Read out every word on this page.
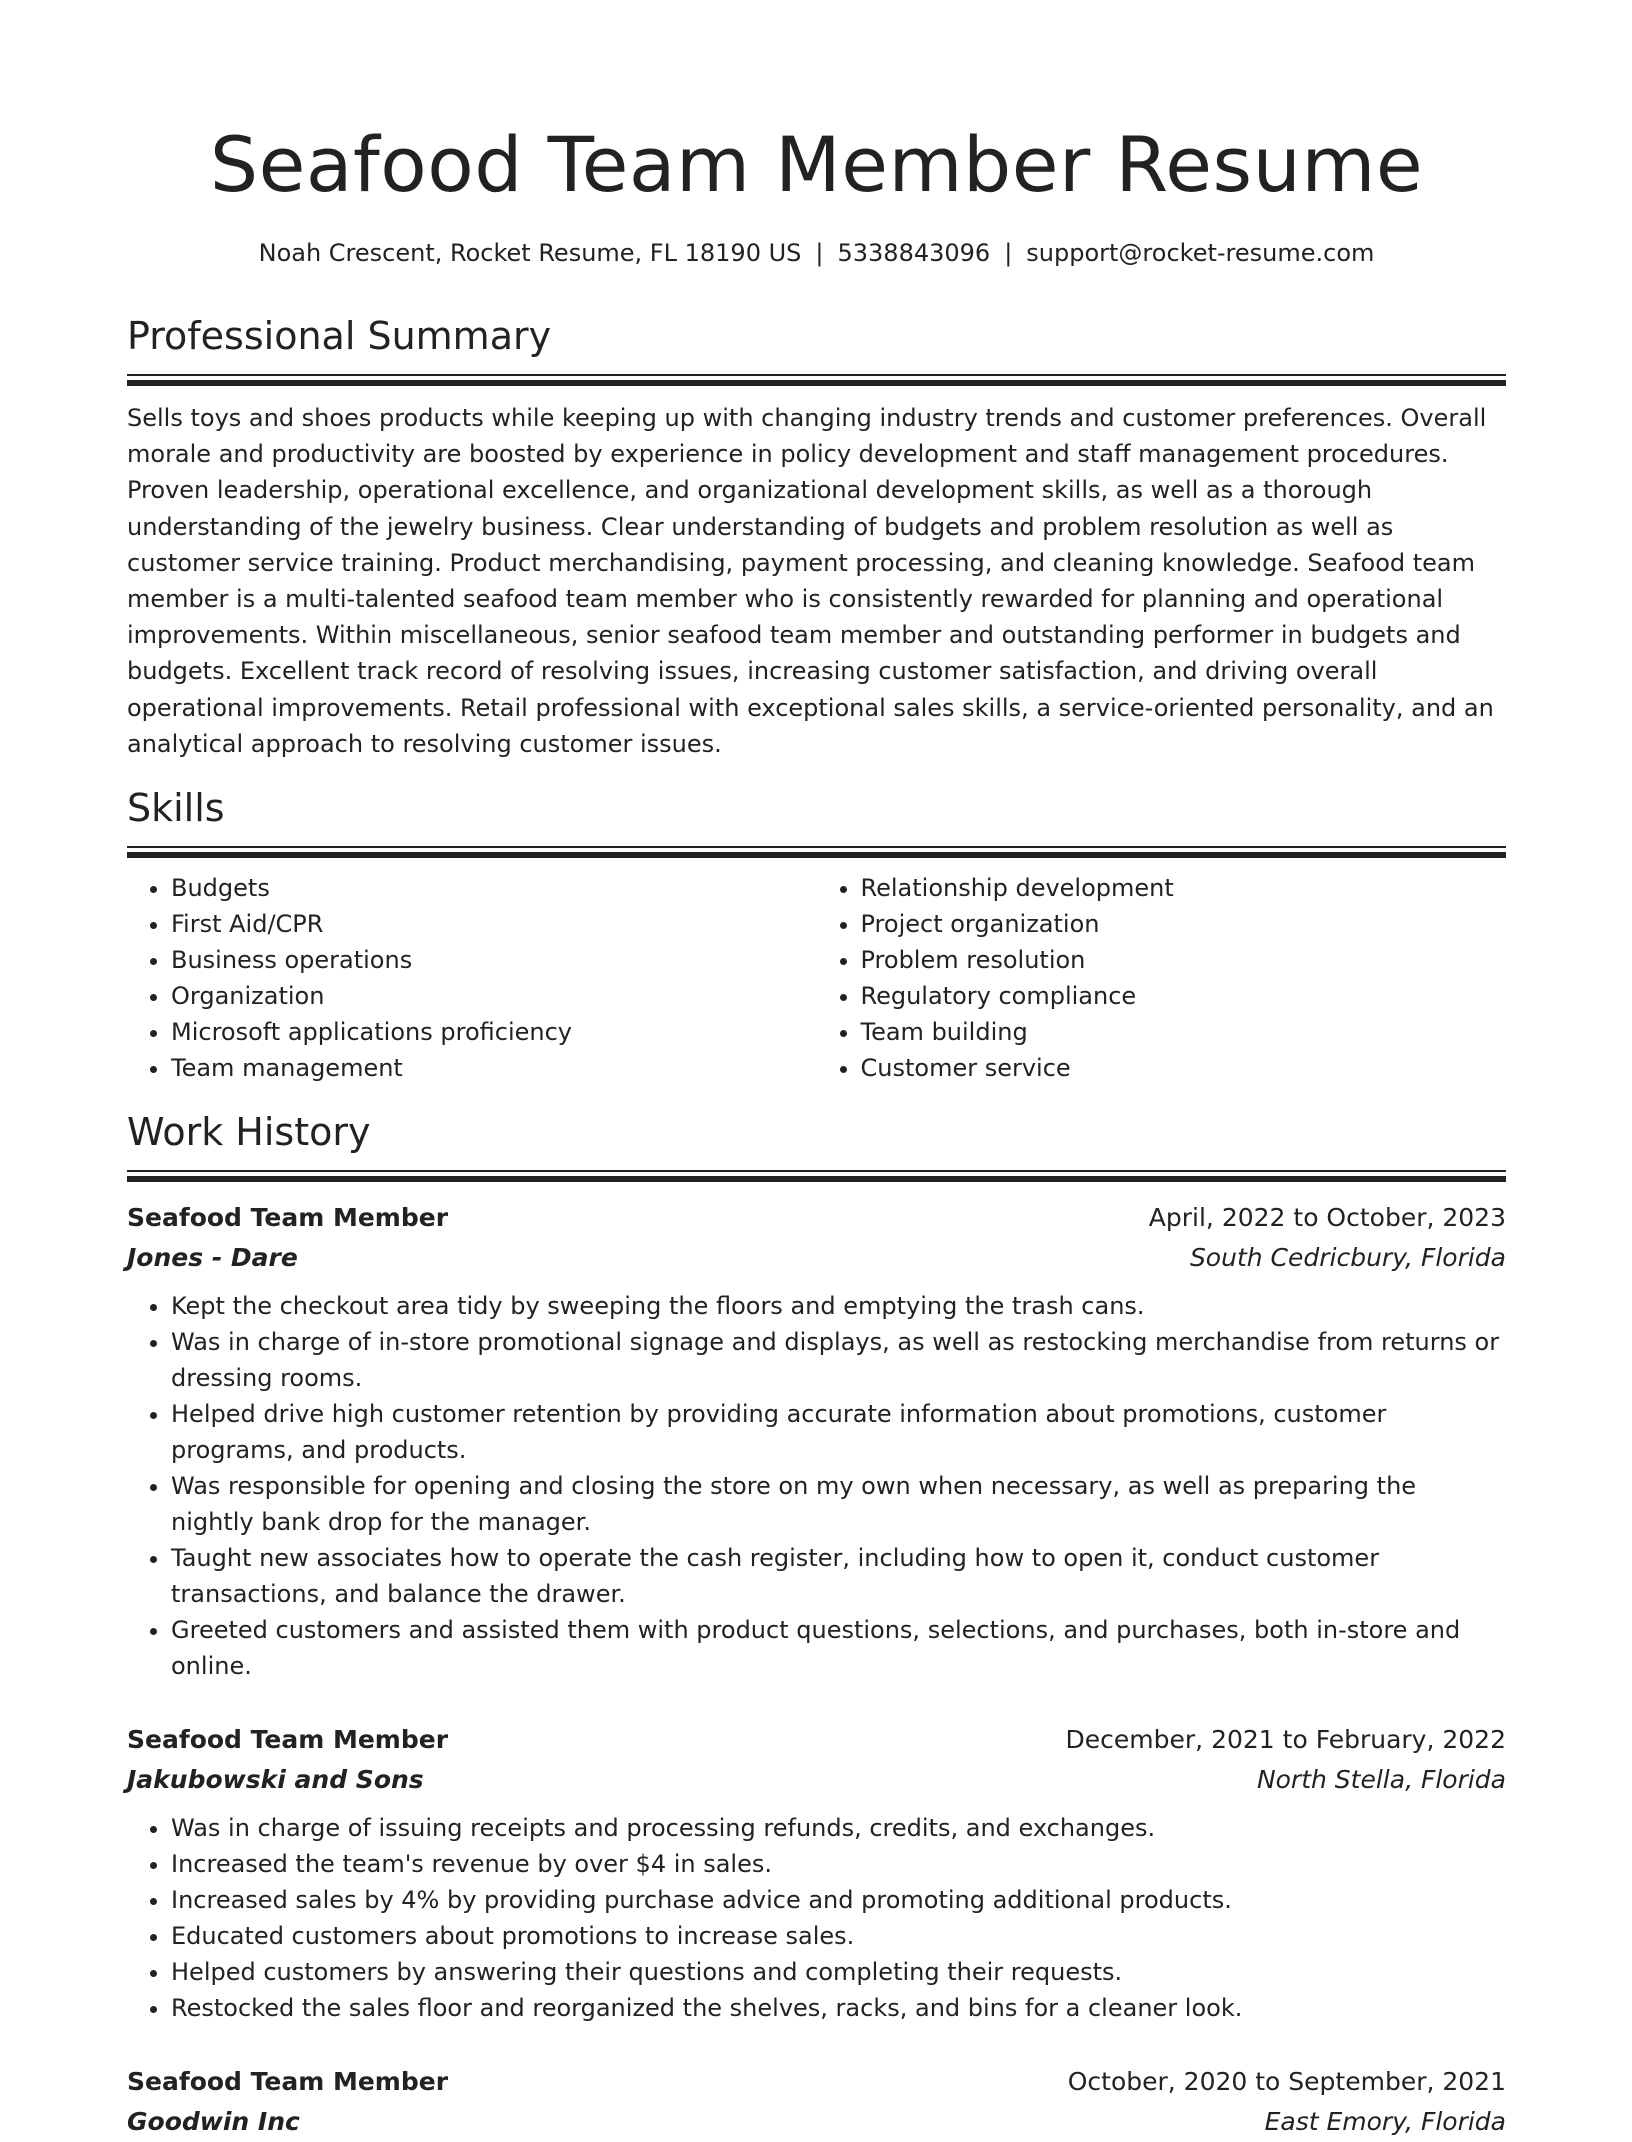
Seafood Team Member Resume
Noah Crescent, Rocket Resume, FL 18190 US | 5338843096 | support@rocket-resume.com
Professional Summary

Sells toys and shoes products while keeping up with changing industry trends and customer preferences. Overall morale and productivity are boosted by experience in policy development and staff management procedures. Proven leadership, operational excellence, and organizational development skills, as well as a thorough understanding of the jewelry business. Clear understanding of budgets and problem resolution as well as customer service training. Product merchandising, payment processing, and cleaning knowledge. Seafood team member is a multi-talented seafood team member who is consistently rewarded for planning and operational improvements. Within miscellaneous, senior seafood team member and outstanding performer in budgets and budgets. Excellent track record of resolving issues, increasing customer satisfaction, and driving overall operational improvements. Retail professional with exceptional sales skills, a service-oriented personality, and an analytical approach to resolving customer issues.

Skills
• Budgets
• First Aid/CPR
• Business operations
• Organization
• Microsoft applications proficiency
• Team management
• Relationship development
• Project organization
• Problem resolution
• Regulatory compliance
• Team building
• Customer service
Work History
Seafood Team Member	April, 2022 to October, 2023
Jones - Dare	South Cedricbury, Florida
• Kept the checkout area tidy by sweeping the floors and emptying the trash cans.
• Was in charge of in-store promotional signage and displays, as well as restocking merchandise from returns or dressing rooms.
• Helped drive high customer retention by providing accurate information about promotions, customer programs, and products.
• Was responsible for opening and closing the store on my own when necessary, as well as preparing the nightly bank drop for the manager.
• Taught new associates how to operate the cash register, including how to open it, conduct customer transactions, and balance the drawer.
• Greeted customers and assisted them with product questions, selections, and purchases, both in-store and online.
Seafood Team Member	December, 2021 to February, 2022
Jakubowski and Sons	North Stella, Florida
• Was in charge of issuing receipts and processing refunds, credits, and exchanges.
• Increased the team's revenue by over $4 in sales.
• Increased sales by 4% by providing purchase advice and promoting additional products.
• Educated customers about promotions to increase sales.
• Helped customers by answering their questions and completing their requests.
• Restocked the sales floor and reorganized the shelves, racks, and bins for a cleaner look.
Seafood Team Member	October, 2020 to September, 2021
Goodwin Inc	East Emory, Florida
